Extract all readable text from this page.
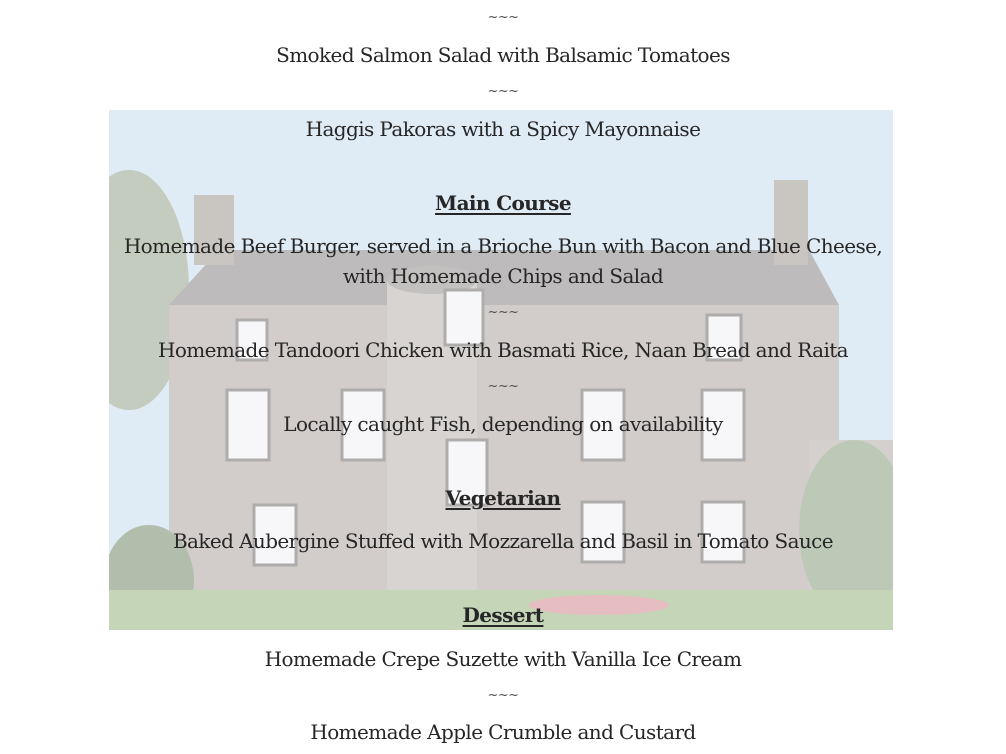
~~~
Smoked Salmon Salad with Balsamic Tomatoes
~~~
Haggis Pakoras with a Spicy Mayonnaise
Main Course
Homemade Beef Burger, served in a Brioche Bun with Bacon and Blue Cheese,
with Homemade Chips and Salad
~~~
Homemade Tandoori Chicken with Basmati Rice, Naan Bread and Raita
~~~
Locally caught Fish, depending on availability
Vegetarian
Baked Aubergine Stuffed with Mozzarella and Basil in Tomato Sauce
Dessert
Homemade Crepe Suzette with Vanilla Ice Cream
~~~
Homemade Apple Crumble and Custard
